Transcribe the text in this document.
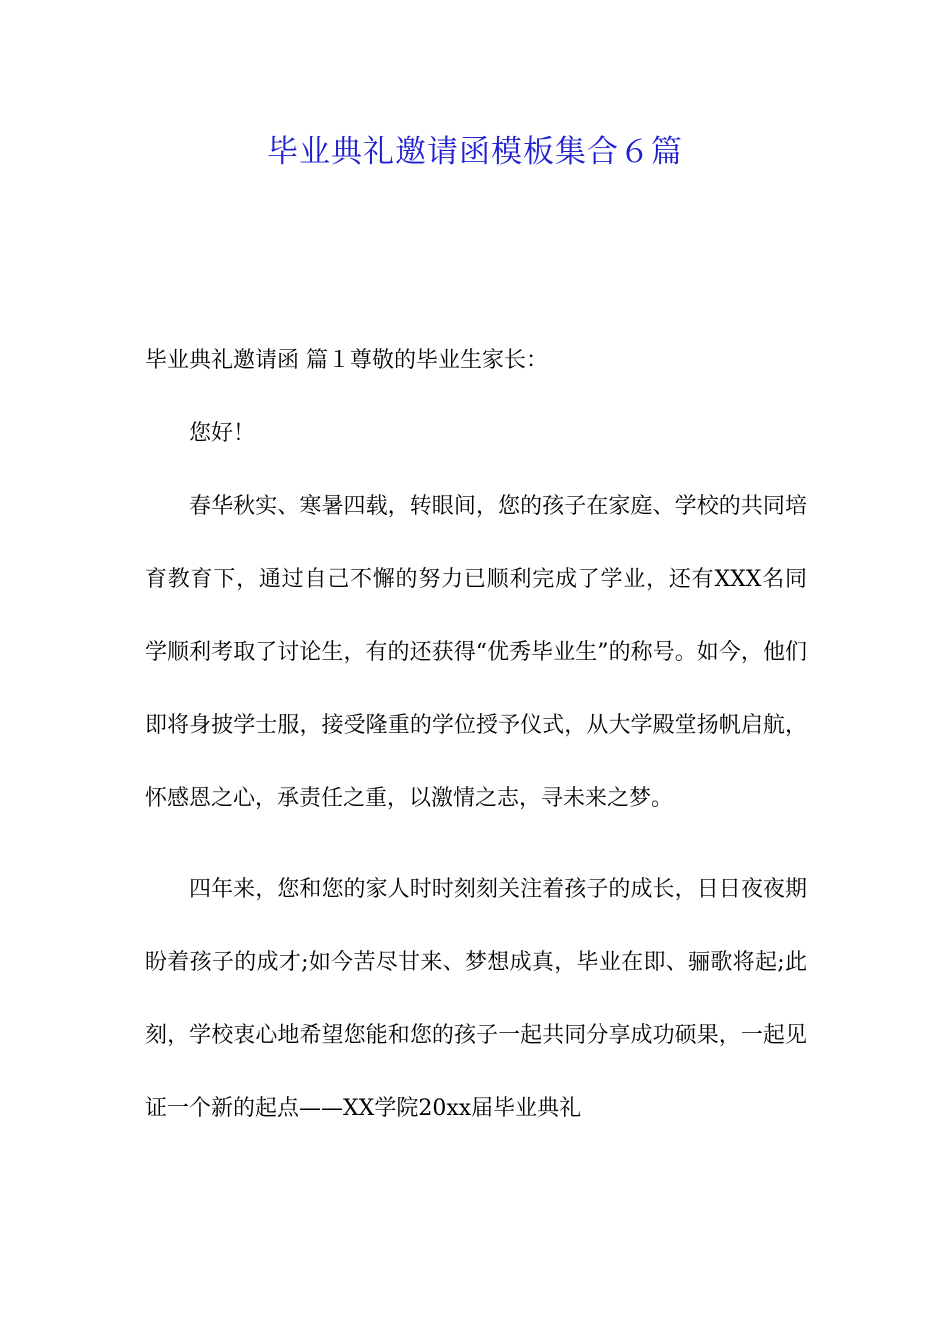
毕业典礼邀请函模板集合６篇

毕业典礼邀请函 篇１尊敬的毕业生家长：

您好！

春华秋实、寒暑四载，转眼间，您的孩子在家庭、学校的共同培育教育下，通过自己不懈的努力已顺利完成了学业，还有XXX名同学顺利考取了讨论生，有的还获得“优秀毕业生”的称号。如今，他们即将身披学士服，接受隆重的学位授予仪式，从大学殿堂扬帆启航，怀感恩之心，承责任之重，以激情之志，寻未来之梦。

四年来，您和您的家人时时刻刻关注着孩子的成长，日日夜夜期盼着孩子的成才;如今苦尽甘来、梦想成真，毕业在即、骊歌将起;此刻，学校衷心地希望您能和您的孩子一起共同分享成功硕果，一起见证一个新的起点——XX学院20xx届毕业典礼
